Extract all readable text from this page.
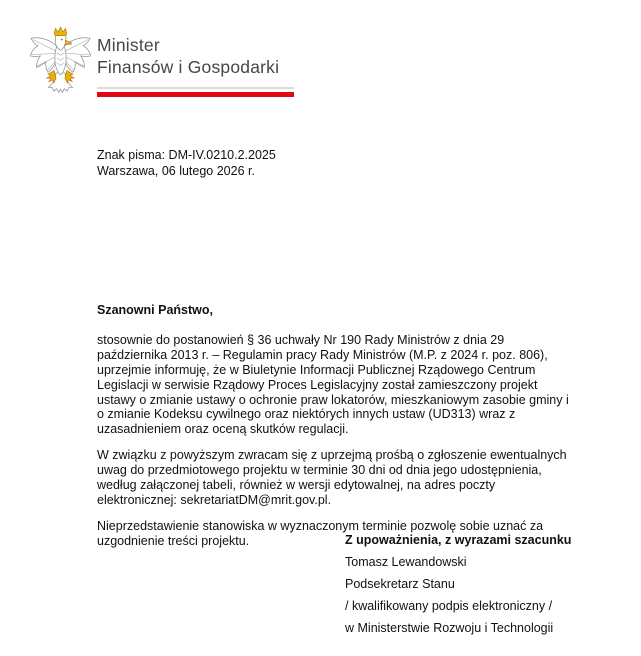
Minister
Finansów i Gospodarki
Znak pisma: DM-IV.0210.2.2025
Warszawa, 06 lutego 2026 r.
Szanowni Państwo,

stosownie do postanowień § 36 uchwały Nr 190 Rady Ministrów z dnia 29 października 2013 r. – Regulamin pracy Rady Ministrów (M.P. z 2024 r. poz. 806), uprzejmie informuję, że w Biuletynie Informacji Publicznej Rządowego Centrum Legislacji w serwisie Rządowy Proces Legislacyjny został zamieszczony projekt ustawy o zmianie ustawy o ochronie praw lokatorów, mieszkaniowym zasobie gminy i o zmianie Kodeksu cywilnego oraz niektórych innych ustaw (UD313) wraz z uzasadnieniem oraz oceną skutków regulacji.

W związku z powyższym zwracam się z uprzejmą prośbą o zgłoszenie ewentualnych uwag do przedmiotowego projektu w terminie 30 dni od dnia jego udostępnienia, według załączonej tabeli, również w wersji edytowalnej, na adres poczty elektronicznej: sekretariatDM@mrit.gov.pl.

Nieprzedstawienie stanowiska w wyznaczonym terminie pozwolę sobie uznać za uzgodnienie treści projektu.	Z upoważnienia, z wyrazami szacunku
Tomasz Lewandowski
Podsekretarz Stanu
/ kwalifikowany podpis elektroniczny /
w Ministerstwie Rozwoju i Technologii
